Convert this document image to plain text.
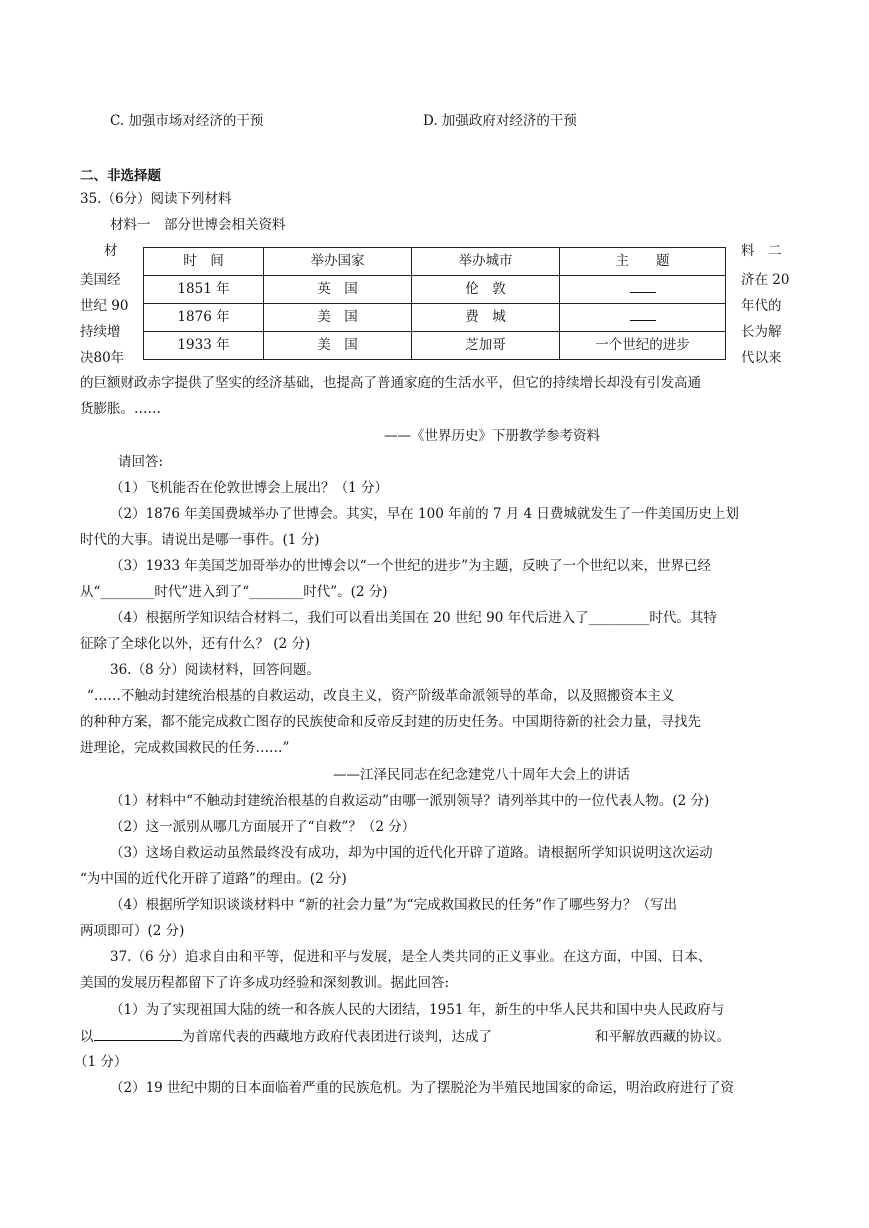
C. 加强市场对经济的干预	D. 加强政府对经济的干预
二、非选择题
35.（6分）阅读下列材料
材料一　部分世博会相关资料
材
美国经
世纪 90
持续增
决80年
料　二
济在 20
年代的
长为解
代以来
时　间	举办国家	举办城市	主　　题
1851 年	英　国	伦　敦	
1876 年	美　国	费　城	
1933 年	美　国	芝加哥	一个世纪的进步
的巨额财政赤字提供了坚实的经济基础，也提高了普通家庭的生活水平，但它的持续增长却没有引发高通
货膨胀。……
——《世界历史》下册教学参考资料
请回答:
（1）飞机能否在伦敦世博会上展出？（1 分）
（2）1876 年美国费城举办了世博会。其实，早在 100 年前的 7 月 4 日费城就发生了一件美国历史上划
时代的大事。请说出是哪一事件。(1 分)
（3）1933 年美国芝加哥举办的世博会以“一个世纪的进步”为主题，反映了一个世纪以来，世界已经
从“________时代”进入到了“________时代”。(2 分)
（4）根据所学知识结合材料二，我们可以看出美国在 20 世纪 90 年代后进入了_________时代。其特
征除了全球化以外，还有什么？ (2 分)
36.（8 分）阅读材料，回答问题。
“……不触动封建统治根基的自救运动，改良主义，资产阶级革命派领导的革命，以及照搬资本主义
的种种方案，都不能完成救亡图存的民族使命和反帝反封建的历史任务。中国期待新的社会力量，寻找先
进理论，完成救国救民的任务……”
——江泽民同志在纪念建党八十周年大会上的讲话
（1）材料中“不触动封建统治根基的自救运动”由哪一派别领导？请列举其中的一位代表人物。(2 分)
（2）这一派别从哪几方面展开了“自救”？（2 分）
（3）这场自救运动虽然最终没有成功，却为中国的近代化开辟了道路。请根据所学知识说明这次运动
“为中国的近代化开辟了道路”的理由。(2 分)
（4）根据所学知识谈谈材料中 “新的社会力量”为“完成救国救民的任务”作了哪些努力？（写出
两项即可）(2 分)
37.（6 分）追求自由和平等，促进和平与发展，是全人类共同的正义事业。在这方面，中国、日本、
美国的发展历程都留下了许多成功经验和深刻教训。据此回答:
（1）为了实现祖国大陆的统一和各族人民的大团结，1951 年，新生的中华人民共和国中央人民政府与
以	为首席代表的西藏地方政府代表团进行谈判，达成了	和平解放西藏的协议。
（1 分）
（2）19 世纪中期的日本面临着严重的民族危机。为了摆脱沦为半殖民地国家的命运，明治政府进行了资
